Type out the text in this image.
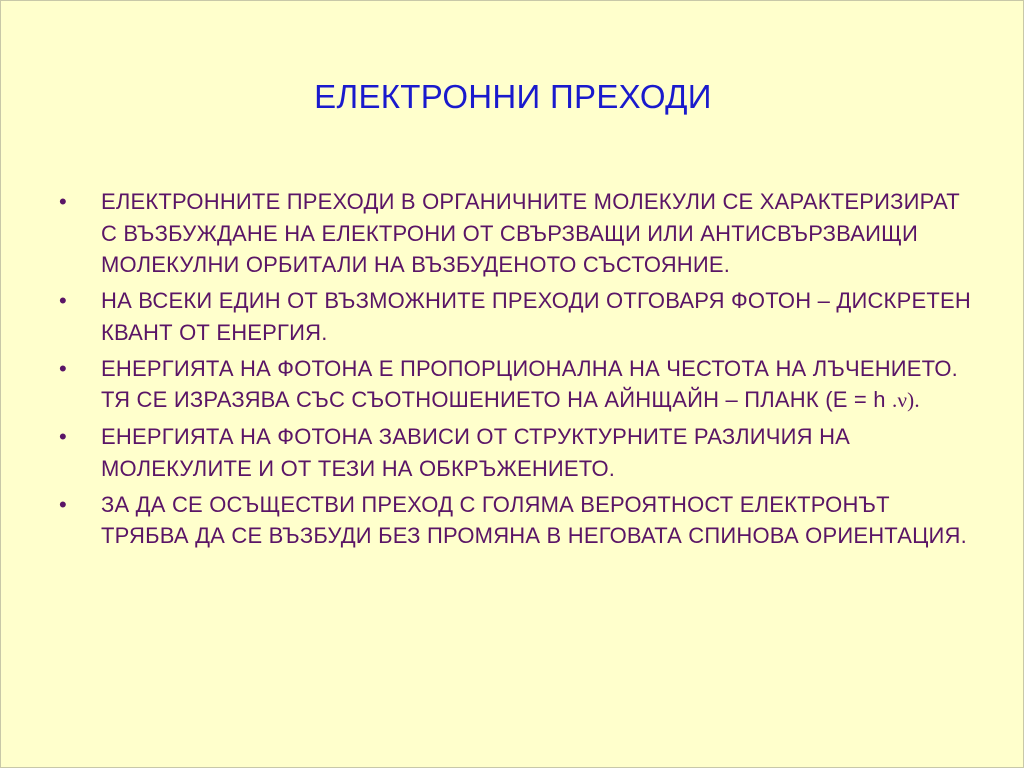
ЕЛЕКТРОННИ ПРЕХОДИ
• ЕЛЕКТРОННИТЕ ПРЕХОДИ В ОРГАНИЧНИТЕ МОЛЕКУЛИ СЕ ХАРАКТЕРИЗИРАТ С ВЪЗБУЖДАНЕ НА ЕЛЕКТРОНИ ОТ СВЪРЗВАЩИ ИЛИ АНТИСВЪРЗВАИЩИ МОЛЕКУЛНИ ОРБИТАЛИ НА ВЪЗБУДЕНОТО СЪСТОЯНИЕ.
• НА ВСЕКИ ЕДИН ОТ ВЪЗМОЖНИТЕ ПРЕХОДИ ОТГОВАРЯ ФОТОН – ДИСКРЕТЕН КВАНТ ОТ ЕНЕРГИЯ.
• ЕНЕРГИЯТА НА ФОТОНА Е ПРОПОРЦИОНАЛНА НА ЧЕСТОТА НА ЛЪЧЕНИЕТО. ТЯ СЕ ИЗРАЗЯВА СЪС СЪОТНОШЕНИЕТО НА АЙНЩАЙН – ПЛАНК (Е = h .ν).
• ЕНЕРГИЯТА НА ФОТОНА ЗАВИСИ ОТ СТРУКТУРНИТЕ РАЗЛИЧИЯ НА МОЛЕКУЛИТЕ И ОТ ТЕЗИ НА ОБКРЪЖЕНИЕТО.
• ЗА ДА СЕ ОСЪЩЕСТВИ ПРЕХОД С ГОЛЯМА ВЕРОЯТНОСТ ЕЛЕКТРОНЪТ ТРЯБВА ДА СЕ ВЪЗБУДИ БЕЗ ПРОМЯНА В НЕГОВАТА СПИНОВА ОРИЕНТАЦИЯ.
